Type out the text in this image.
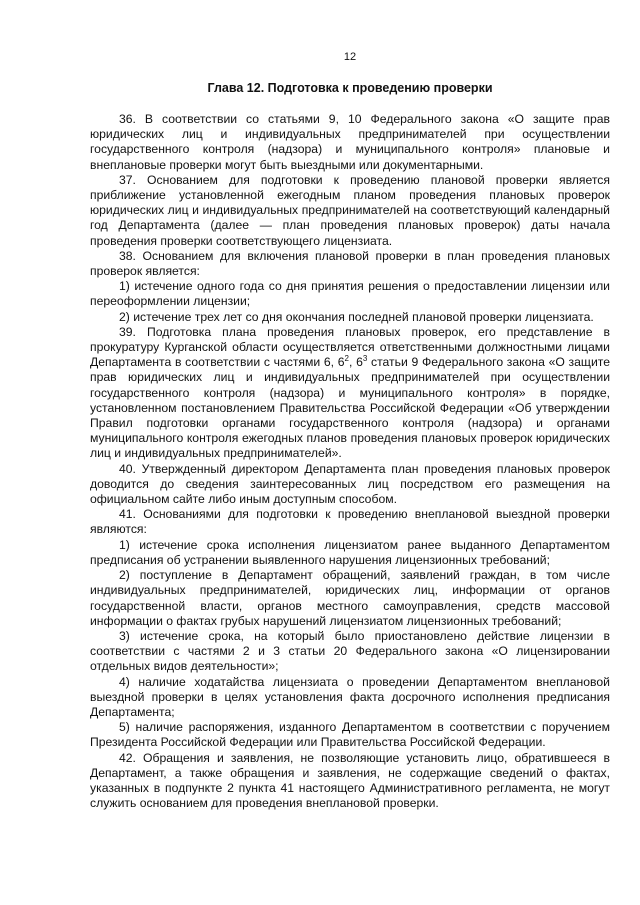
12
Глава 12. Подготовка к проведению проверки

36. В соответствии со статьями 9, 10 Федерального закона «О защите прав юридических лиц и индивидуальных предпринимателей при осуществлении государственного контроля (надзора) и муниципального контроля» плановые и внеплановые проверки могут быть выездными или документарными.

37. Основанием для подготовки к проведению плановой проверки является приближение установленной ежегодным планом проведения плановых проверок юридических лиц и индивидуальных предпринимателей на соответствующий календарный год Департамента (далее — план проведения плановых проверок) даты начала проведения проверки соответствующего лицензиата.

38. Основанием для включения плановой проверки в план проведения плановых проверок является:

1) истечение одного года со дня принятия решения о предоставлении лицензии или переоформлении лицензии;

2) истечение трех лет со дня окончания последней плановой проверки лицензиата.

39. Подготовка плана проведения плановых проверок, его представление в прокуратуру Курганской области осуществляется ответственными должностными лицами Департамента в соответствии с частями 6, $6^2$, $6^3$ статьи 9 Федерального закона «О защите прав юридических лиц и индивидуальных предпринимателей при осуществлении государственного контроля (надзора) и муниципального контроля» в порядке, установленном постановлением Правительства Российской Федерации «Об утверждении Правил подготовки органами государственного контроля (надзора) и органами муниципального контроля ежегодных планов проведения плановых проверок юридических лиц и индивидуальных предпринимателей».

40. Утвержденный директором Департамента план проведения плановых проверок доводится до сведения заинтересованных лиц посредством его размещения на официальном сайте либо иным доступным способом.

41. Основаниями для подготовки к проведению внеплановой выездной проверки являются:

1) истечение срока исполнения лицензиатом ранее выданного Департаментом предписания об устранении выявленного нарушения лицензионных требований;

2) поступление в Департамент обращений, заявлений граждан, в том числе индивидуальных предпринимателей, юридических лиц, информации от органов государственной власти, органов местного самоуправления, средств массовой информации о фактах грубых нарушений лицензиатом лицензионных требований;

3) истечение срока, на который было приостановлено действие лицензии в соответствии с частями 2 и 3 статьи 20 Федерального закона «О лицензировании отдельных видов деятельности»;

4) наличие ходатайства лицензиата о проведении Департаментом внеплановой выездной проверки в целях установления факта досрочного исполнения предписания Департамента;

5) наличие распоряжения, изданного Департаментом в соответствии с поручением Президента Российской Федерации или Правительства Российской Федерации.

42. Обращения и заявления, не позволяющие установить лицо, обратившееся в Департамент, а также обращения и заявления, не содержащие сведений о фактах, указанных в подпункте 2 пункта 41 настоящего Административного регламента, не могут служить основанием для проведения внеплановой проверки.
